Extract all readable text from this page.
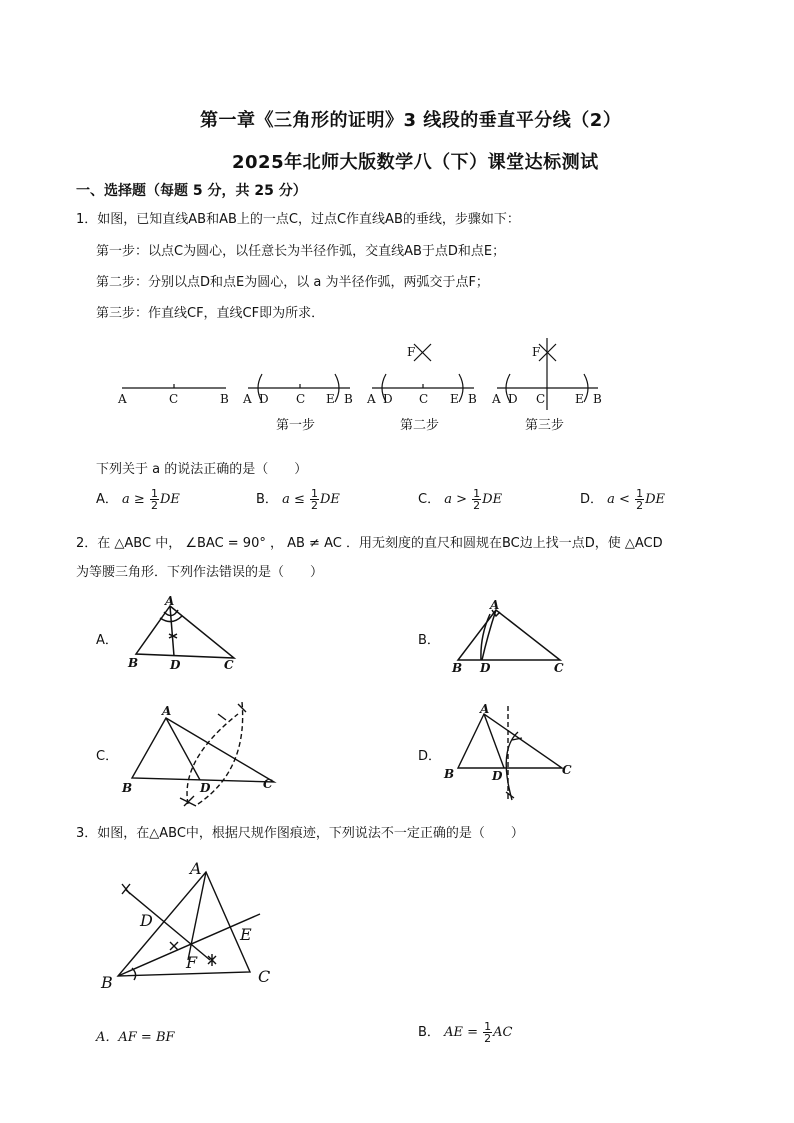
第一章《三角形的证明》3 线段的垂直平分线（2）
2025年北师大版数学八（下）课堂达标测试
一、选择题（每题 5 分，共 25 分）
1．如图，已知直线AB和AB上的一点C，过点C作直线AB的垂线，步骤如下：
第一步：以点C为圆心，以任意长为半径作弧，交直线AB于点D和点E；
第二步：分别以点D和点E为圆心，以 a 为半径作弧，两弧交于点F；
第三步：作直线CF，直线CF即为所求．
A	C	B A D C E B A D C E B
F
A D C E B
F
第一步	第二步	第三步
下列关于 a 的说法正确的是（　　）
A． $a \ge \frac{1}{2}$ DE	B． $a \le \frac{1}{2}$ DE	C． $a > \frac{1}{2}$ DE	D． $a < \frac{1}{2}$ DE
2．在 △ABC 中， ∠BAC = 90° ， AB ≠ AC ．用无刻度的直尺和圆规在BC边上找一点D，使 △ACD
为等腰三角形．下列作法错误的是（　　）
A．	B．
C．	D．
A
B	D	C
A
B D	C
A
B	D	C
A
B	D	C
3．如图，在△ABC中，根据尺规作图痕迹，下列说法不一定正确的是（　　）
A
B	C
D
E
F
A．AF = BF	B． AE = $\frac{1}{2}$ AC
